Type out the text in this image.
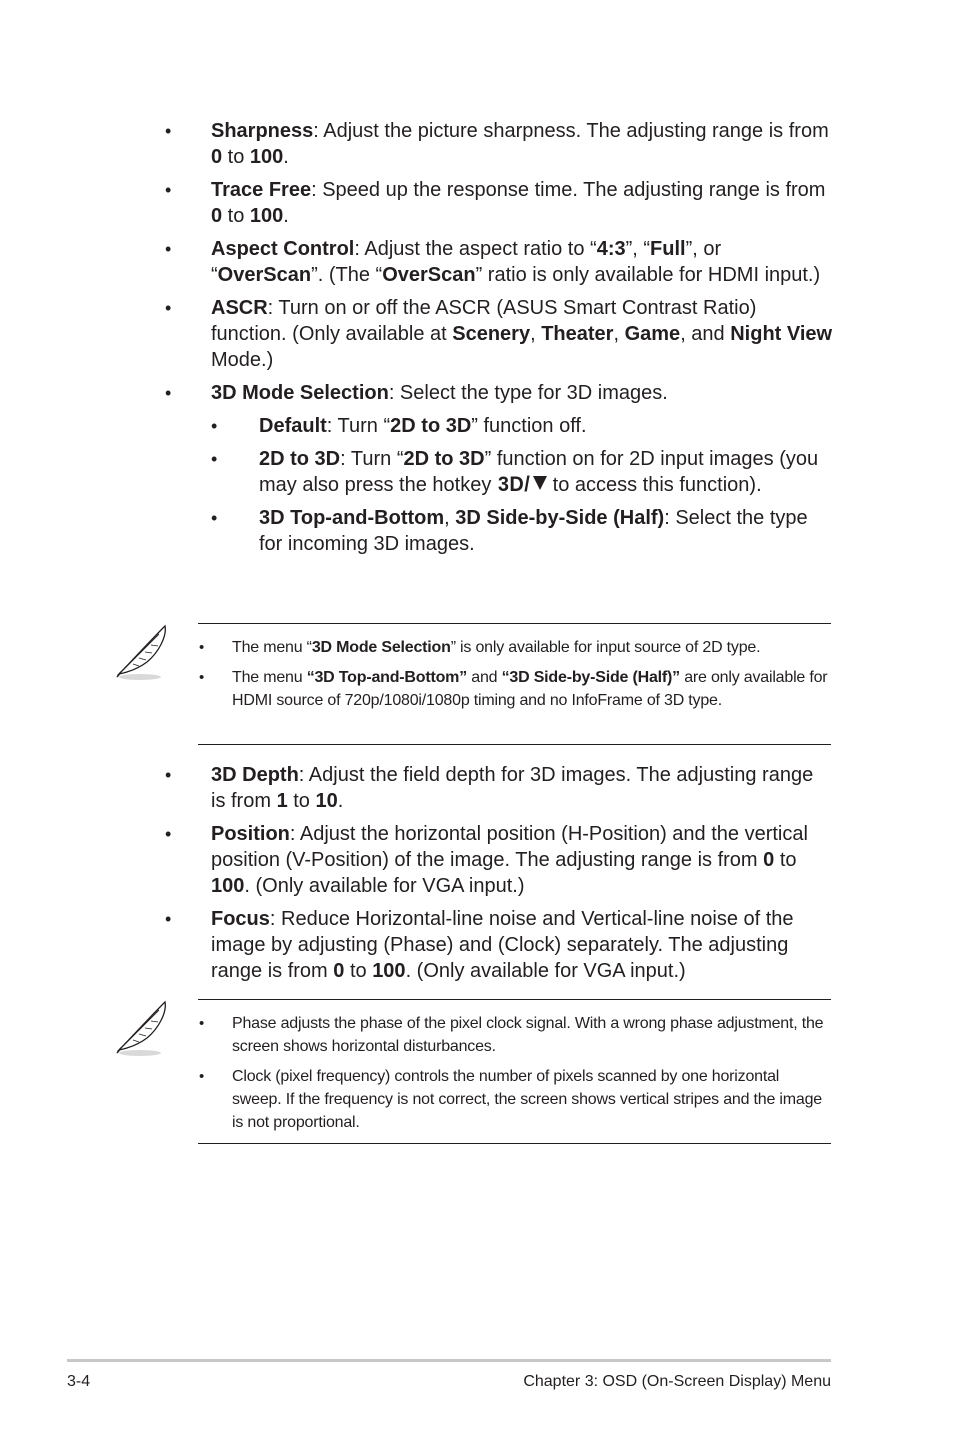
• Sharpness: Adjust the picture sharpness. The adjusting range is from 0 to 100.
• Trace Free: Speed up the response time. The adjusting range is from 0 to 100.
• Aspect Control: Adjust the aspect ratio to “4:3”, “Full”, or “OverScan”. (The “OverScan” ratio is only available for HDMI input.)
• ASCR: Turn on or off the ASCR (ASUS Smart Contrast Ratio) function. (Only available at Scenery, Theater, Game, and Night View Mode.)
• 3D Mode Selection: Select the type for 3D images.
• Default: Turn “2D to 3D” function off.
• 2D to 3D: Turn “2D to 3D” function on for 2D input images (you may also press the hotkey 3D/ to access this function).
• 3D Top-and-Bottom, 3D Side-by-Side (Half): Select the type for incoming 3D images.
• The menu “3D Mode Selection” is only available for input source of 2D type.
• The menu “3D Top-and-Bottom” and “3D Side-by-Side (Half)” are only available for HDMI source of 720p/1080i/1080p timing and no InfoFrame of 3D type.
• 3D Depth: Adjust the field depth for 3D images. The adjusting range is from 1 to 10.
• Position: Adjust the horizontal position (H-Position) and the vertical position (V-Position) of the image. The adjusting range is from 0 to 100. (Only available for VGA input.)
• Focus: Reduce Horizontal-line noise and Vertical-line noise of the image by adjusting (Phase) and (Clock) separately. The adjusting range is from 0 to 100. (Only available for VGA input.)
• Phase adjusts the phase of the pixel clock signal. With a wrong phase adjustment, the screen shows horizontal disturbances.
• Clock (pixel frequency) controls the number of pixels scanned by one horizontal sweep. If the frequency is not correct, the screen shows vertical stripes and the image is not proportional.
3-4	Chapter 3: OSD (On-Screen Display) Menu
